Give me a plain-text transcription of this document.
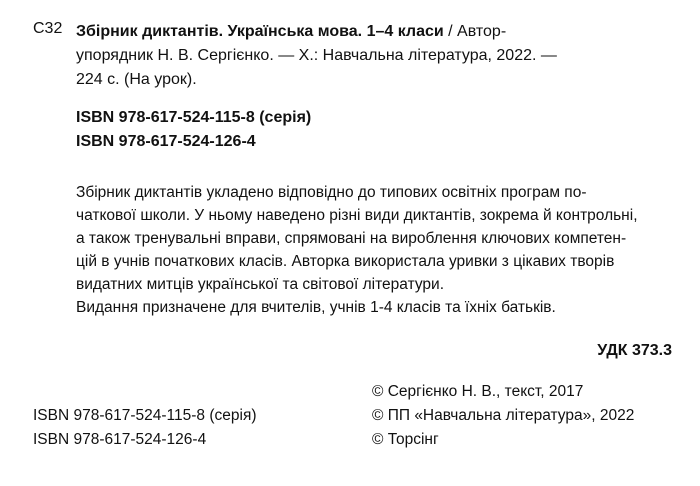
С32 Збірник диктантів. Українська мова. 1–4 класи / Автор-
упорядник Н. В. Сергієнко. — Х.: Навчальна література, 2022. —
224 с. (На урок).
ISBN 978-617-524-115-8 (серія)
ISBN 978-617-524-126-4
Збірник диктантів укладено відповідно до типових освітніх програм по-
чаткової школи. У ньому наведено різні види диктантів, зокрема й контрольні,
а також тренувальні вправи, спрямовані на вироблення ключових компетен-
цій в учнів початкових класів. Авторка використала уривки з цікавих творів
видатних митців української та світової літератури.
Видання призначене для вчителів, учнів 1-4 класів та їхніх батьків.
УДК 373.3
© Сергієнко Н. В., текст, 2017
© ПП «Навчальна література», 2022
© Торсінг
ISBN 978-617-524-115-8 (серія)
ISBN 978-617-524-126-4
